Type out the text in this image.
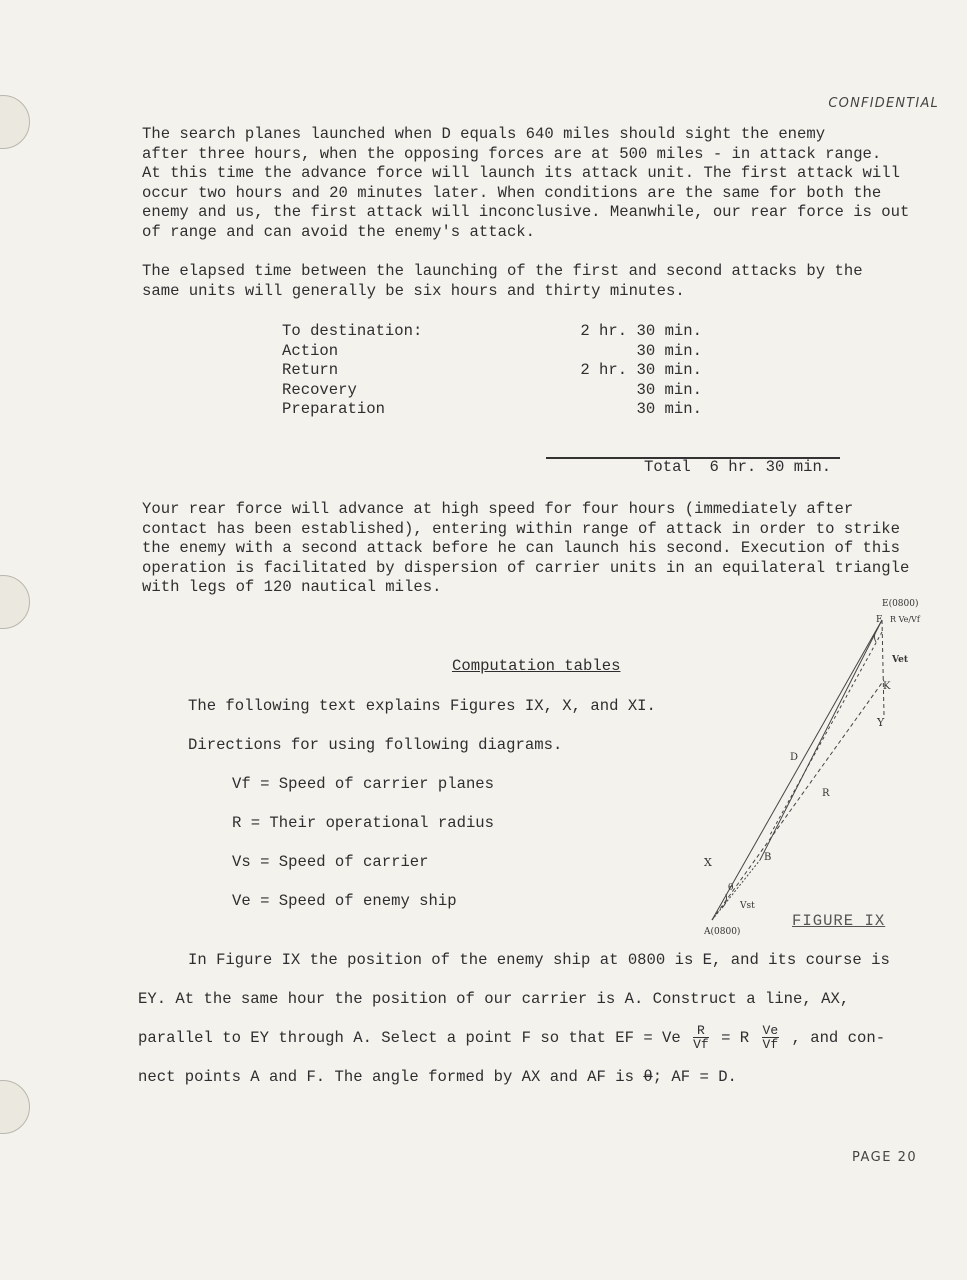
CONFIDENTIAL
The search planes launched when D equals 640 miles should sight the enemy
after three hours, when the opposing forces are at 500 miles - in attack range.
At this time the advance force will launch its attack unit. The first attack will
occur two hours and 20 minutes later. When conditions are the same for both the
enemy and us, the first attack will inconclusive. Meanwhile, our rear force is out
of range and can avoid the enemy's attack.
The elapsed time between the launching of the first and second attacks by the
same units will generally be six hours and thirty minutes.
To destination:	2 hr. 30 min.
Action	30 min.
Return	2 hr. 30 min.
Recovery	30 min.
Preparation	30 min.
Total  6 hr. 30 min.
Your rear force will advance at high speed for four hours (immediately after
contact has been established), entering within range of attack in order to strike
the enemy with a second attack before he can launch his second. Execution of this
operation is facilitated by dispersion of carrier units in an equilateral triangle
with legs of 120 nautical miles.
Computation tables
The following text explains Figures IX, X, and XI.
Directions for using following diagrams.
Vf = Speed of carrier planes
R = Their operational radius
Vs = Speed of carrier
Ve = Speed of enemy ship
E(0800)
F R Ve/Vf
Vet
K
Y
D
R
B
X
θ
Vst
A(0800)
FIGURE IX
In Figure IX the position of the enemy ship at 0800 is E, and its course is
EY. At the same hour the position of our carrier is A. Construct a line, AX,
parallel to EY through A. Select a point F so that EF = Ve $\frac{R}{Vf} = R \frac{Ve}{Vf}$ , and con-
nect points A and F. The angle formed by AX and AF is θ; AF = D.
PAGE 20
